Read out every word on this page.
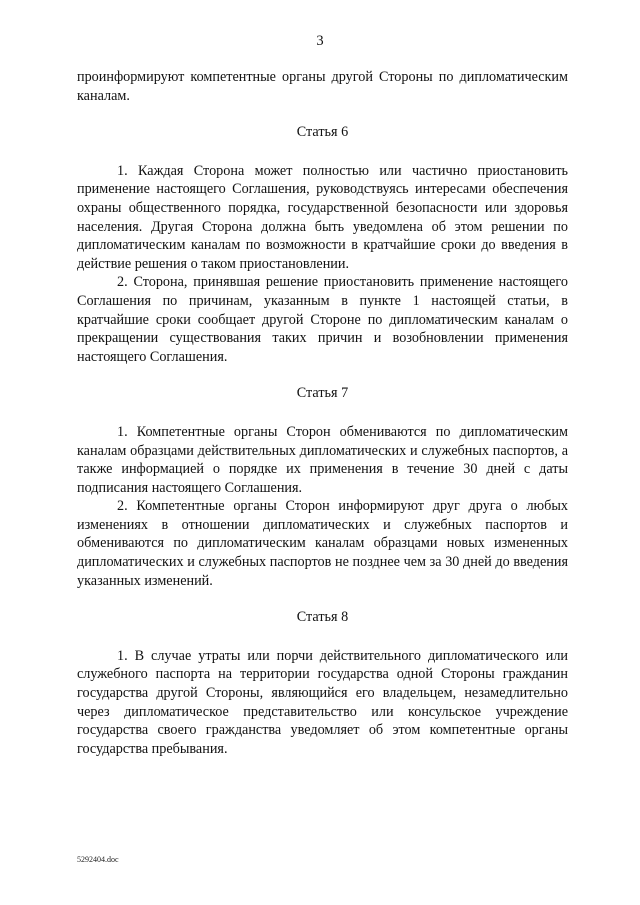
3

проинформируют компетентные органы другой Стороны по дипломатическим каналам.

Статья 6

1. Каждая Сторона может полностью или частично приостановить применение настоящего Соглашения, руководствуясь интересами обеспечения охраны общественного порядка, государственной безопасности или здоровья населения. Другая Сторона должна быть уведомлена об этом решении по дипломатическим каналам по возможности в кратчайшие сроки до введения в действие решения о таком приостановлении.

2. Сторона, принявшая решение приостановить применение настоящего Соглашения по причинам, указанным в пункте 1 настоящей статьи, в кратчайшие сроки сообщает другой Стороне по дипломатическим каналам о прекращении существования таких причин и возобновлении применения настоящего Соглашения.

Статья 7

1. Компетентные органы Сторон обмениваются по дипломатическим каналам образцами действительных дипломатических и служебных паспортов, а также информацией о порядке их применения в течение 30 дней с даты подписания настоящего Соглашения.

2. Компетентные органы Сторон информируют друг друга о любых изменениях в отношении дипломатических и служебных паспортов и обмениваются по дипломатическим каналам образцами новых измененных дипломатических и служебных паспортов не позднее чем за 30 дней до введения указанных изменений.

Статья 8

1. В случае утраты или порчи действительного дипломатического или служебного паспорта на территории государства одной Стороны гражданин государства другой Стороны, являющийся его владельцем, незамедлительно через дипломатическое представительство или консульское учреждение государства своего гражданства уведомляет об этом компетентные органы государства пребывания.

5292404.doc
